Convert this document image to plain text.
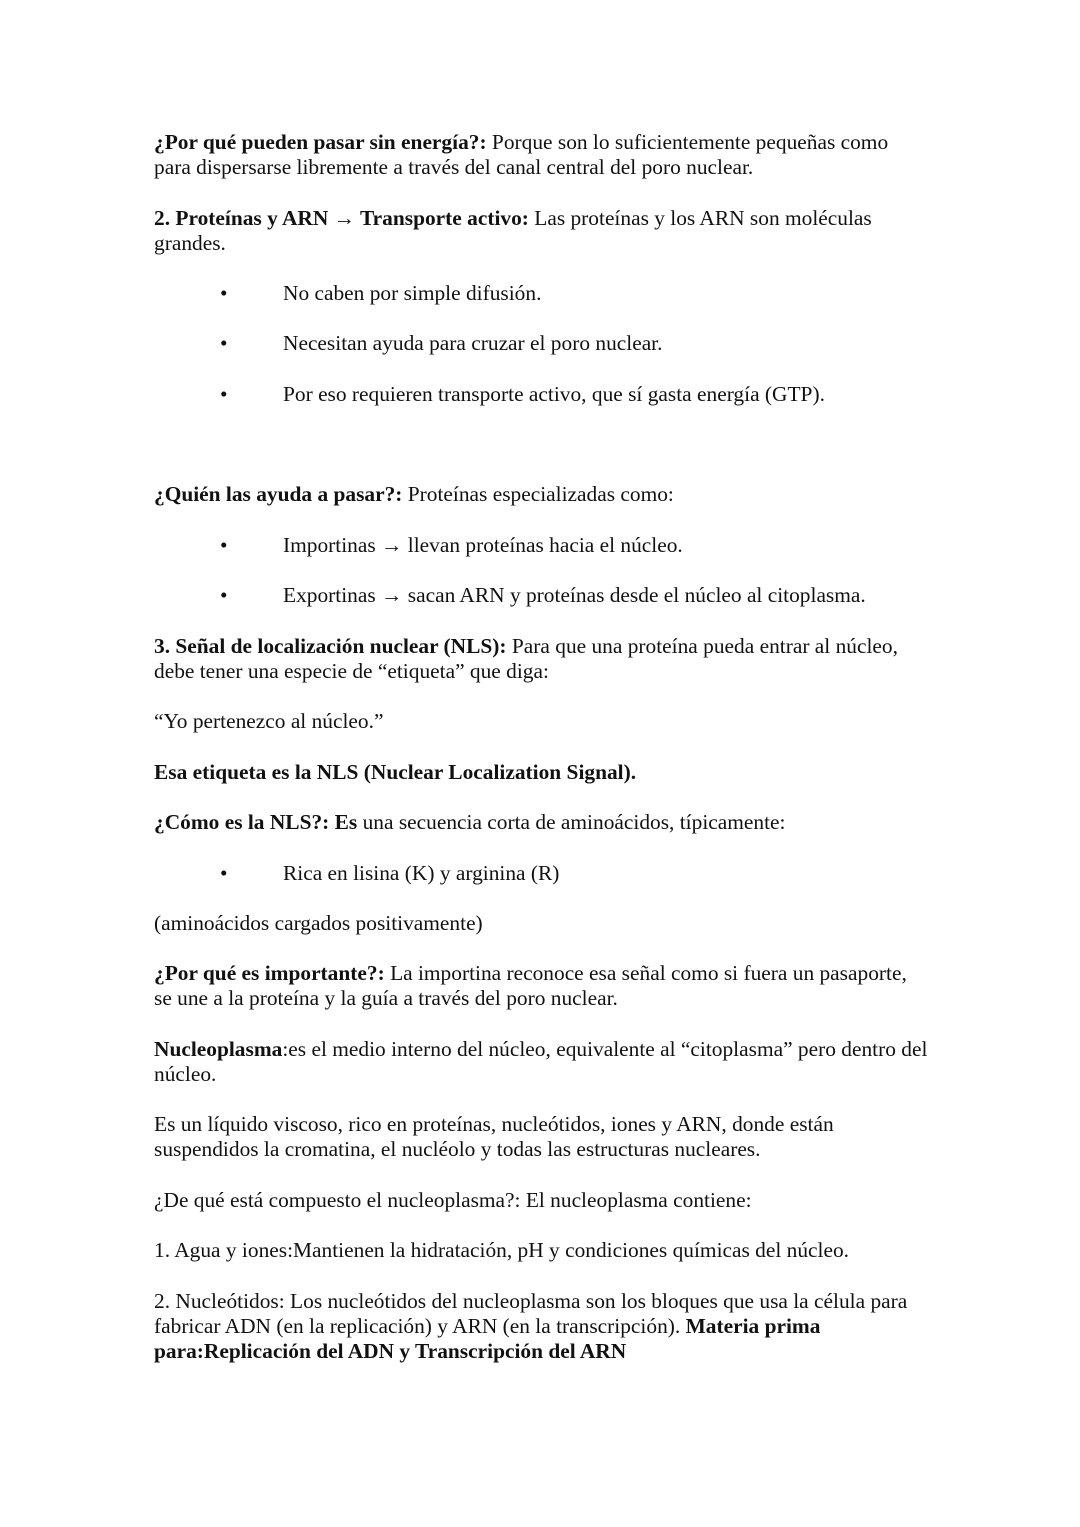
¿Por qué pueden pasar sin energía?: Porque son lo suficientemente pequeñas como para dispersarse libremente a través del canal central del poro nuclear.

2. Proteínas y ARN → Transporte activo: Las proteínas y los ARN son moléculas grandes.

•	No caben por simple difusión.
•	Necesitan ayuda para cruzar el poro nuclear.
•	Por eso requieren transporte activo, que sí gasta energía (GTP).

¿Quién las ayuda a pasar?: Proteínas especializadas como:

•	Importinas → llevan proteínas hacia el núcleo.
•	Exportinas → sacan ARN y proteínas desde el núcleo al citoplasma.

3. Señal de localización nuclear (NLS): Para que una proteína pueda entrar al núcleo, debe tener una especie de “etiqueta” que diga:

“Yo pertenezco al núcleo.”

Esa etiqueta es la NLS (Nuclear Localization Signal).

¿Cómo es la NLS?: Es una secuencia corta de aminoácidos, típicamente:

•	Rica en lisina (K) y arginina (R)

(aminoácidos cargados positivamente)

¿Por qué es importante?: La importina reconoce esa señal como si fuera un pasaporte, se une a la proteína y la guía a través del poro nuclear.

Nucleoplasma:es el medio interno del núcleo, equivalente al “citoplasma” pero dentro del núcleo.

Es un líquido viscoso, rico en proteínas, nucleótidos, iones y ARN, donde están suspendidos la cromatina, el nucléolo y todas las estructuras nucleares.

¿De qué está compuesto el nucleoplasma?: El nucleoplasma contiene:

1. Agua y iones:Mantienen la hidratación, pH y condiciones químicas del núcleo.

2. Nucleótidos: Los nucleótidos del nucleoplasma son los bloques que usa la célula para fabricar ADN (en la replicación) y ARN (en la transcripción). Materia prima para:Replicación del ADN y Transcripción del ARN
